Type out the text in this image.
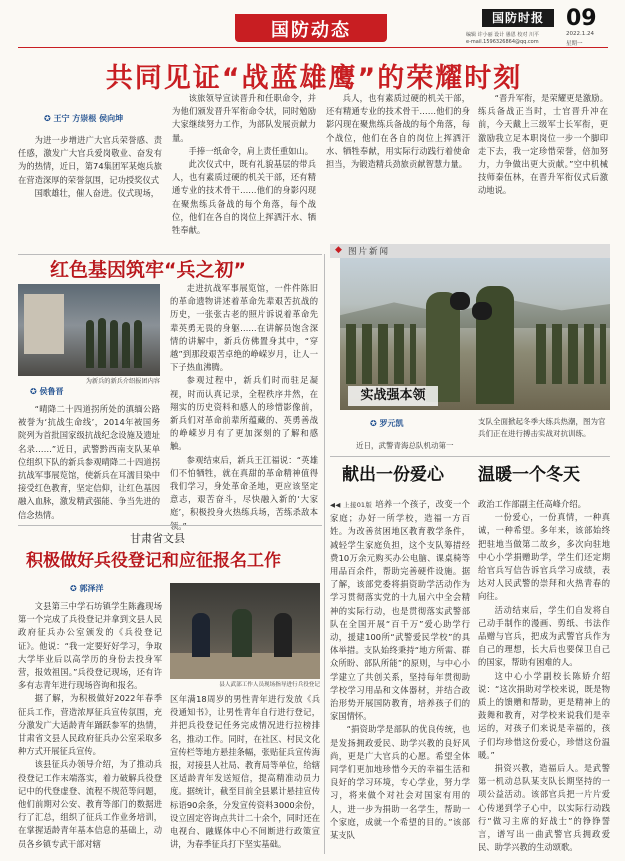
国防动态
国防时报
编辑 许小丽 设计 愚恩 校对 川平
e-mail.1596326864@qq.com
09
2022.1.24
星期一
共同见证“战蓝雄鹰”的荣耀时刻
✪ 王宁 方崇根 侯向坤

为进一步增进广大官兵荣誉感、责任感，激发广大官兵爱岗敬业、奋发有为的热情，近日，第74集团军某炮兵旅在营造深厚的荣誉氛围，记功授奖仪式

国歌雄壮，催人奋进。仪式现场，

该旅领导宣读晋升和任职命令，并为他们颁发晋升军衔命令状，同时勉励大家继续努力工作，为部队发展贡献力量。

手捧一纸命令，肩上责任重如山。

此次仪式中，既有礼貌基层的带兵人，也有素质过硬的机关干部，还有精通专业的技术骨干……他们的身影闪现在聚焦练兵备战的每个角落，每个战位，他们在各自的岗位上挥洒汗水、牺牲奉献。

兵人，也有素质过硬的机关干部，还有精通专业的技术骨干……他们的身影闪现在聚焦练兵备战的每个角落，每个战位，他们在各自的岗位上挥洒汗水、牺牲奉献，用实际行动践行着使命担当，为锻造精兵劲旅贡献智慧力量。

“晋升军衔，是荣耀更是激励。练兵备战正当时，士官晋升冲在前，今天戴上三级军士长军衔，更激励我立足本职岗位一步一个脚印走下去，我一定珍惜荣誉，倍加努力，力争做出更大贡献。”空中机械技师秦伍林，在晋升军衔仪式后激动地说。

红色基因筑牢“兵之初”
为新兵的新兵介绍报团内容
✪ 侯鲁晋

“晴降二十四道拐所处的滇缅公路被誉为‘抗战生命线’，2014年被国务院列为首批国家级抗战纪念设施及遗址名录……”近日，武警黔西南支队某单位组织下队的新兵参观晴降二十四道拐抗战军事展览馆，使新兵在耳濡目染中接受红色教育，坚定信仰，让红色基因融入血脉，激发精武强能、争当先进的信念热情。

走进抗战军事展览馆，一件件陈旧的革命遗物讲述着革命先辈艰苦抗战的历史，一张张古老的照片诉说着革命先辈英勇无畏的身躯……在讲解员饱含深情的讲解中，新兵仿佛置身其中，“穿越”到那段艰苦卓绝的峥嵘岁月，让人一下子热血沸腾。

参观过程中，新兵们时而驻足凝视，时而认真记录，全程秩序井然，在翔实的历史资料和感人的珍惜影像前，新兵们对革命前辈所蕴藏的、英勇善战的峥嵘岁月有了更加深刻的了解和感触。

参观结束后，新兵王江福说：“英雄们不怕牺牲，就在真甜的革命精神值得我们学习，身处革命圣地，更应该坚定意志，艰苦奋斗，尽快融入新的‘大家庭’，积极投身火热练兵场，苦练杀敌本

甘肃省文县
积极做好兵役登记和应征报名工作
✪ 郭泽洋

文县第三中学石坊镇学生陈鑫现场第一个完成了兵役登记并拿到文县人民政府征兵办公室颁发的《兵役登记证》。他说：“我一定要好好学习，争取大学毕业后以高学历的身份去投身军营，报效祖国。”兵役登记现场，还有许多有志青年进行现场咨询和报名。

据了解，为积极做好2022年春季征兵工作，营造浓厚征兵宣传氛围，充分激发广大适龄青年踊跃参军的热情，甘肃省文县人民政府征兵办公室采取多种方式开展征兵宣传。

该县征兵办领导介绍，为了推动兵役登记工作末端落实，着力破解兵役登记中的代登虚登、流程不规范等问题，他们前期对公安、教育等部门的数据进行了汇总，组织了征兵工作业务培训，在掌握适龄青年基本信息的基础上，动员各乡镇专武干部对辖

县人武部工作人员现场指导进行兵役登记

区年满18周岁的男性青年进行发放《兵役通知书》，让男性青年自行进行登记，并把兵役登记任务完成情况进行拉榜排名，推动工作。同时，在社区、村民文化宣传栏等地方悬挂条幅，张贴征兵宣传海报，对接县人社局、教育局等单位，给辖区适龄青年发送短信，提高精准动员力度。据统计，截至目前全县累计悬挂宣传标语90余条，分发宣传资料3000余份，设立固定咨询点共计二十余个，同时还在电视台、融媒体中心不间断进行政策宣讲，为春季征兵打下坚实基础。

◆ 图片新闻
实战强本领
✪ 罗元凯
近日，武警青海总队机动第一
支队全面掀起冬季大练兵热潮，图为官兵们正在进行搏击实战对抗训练。
献出一份爱心 温暖一个冬天

◀◀ 上接01版 培养一个孩子，改变一个家庭；办好一所学校，造福一方百姓。为改善贫困地区教育教学条件，减轻学生家庭负担，这个支队筹措经费10万余元购买办公电脑、课桌椅等用品百余件，帮助完善硬件设施。据了解，该部党委将捐资助学活动作为学习贯彻落实党的十九届六中全会精神的实际行动，也是贯彻落实武警部队在全国开展“百千万”爱心助学行动，援建100所“武警爱民学校”的具体举措。支队始终秉持“地方所需、群众所盼、部队所能”的原则，与中心小学建立了共创关系，坚持每年贯彻助学校学习用品和文体器材，并结合政治形势开展国防教育，培养孩子们的家国情怀。

“捐资助学是部队的优良传统，也是发扬拥政爱民、助学兴教的良好风尚，更是广大官兵的心愿。希望全体同学们更加地珍惜今天的幸福生活和良好的学习环境，专心学业，努力学习，将来做个对社会对国家有用的人，进一步为捐助一名学生，帮助一个家庭，成就一个希望的目的。”该部某支队

政治工作部副主任高峰介绍。

一份爱心，一份真情，一种真诚，一种希望。多年来，该部始终把驻地当做第二故乡，多次向驻地中心小学捐赠助学，学生们还定期给官兵写信告诉官兵学习成绩，表达对人民武警的崇拜和火热青春的向往。

活动结束后，学生们自发将自己动手制作的漫画、剪纸、书法作品赠与官兵，把成为武警官兵作为自己的理想，长大后也要保卫自己的国家，帮助有困难的人。

这中心小学副校长陈娇介绍说：“这次捐助对学校来说，既是物质上的馈赠和帮助，更是精神上的鼓舞和教育，对学校来说我们是幸运的，对孩子们来说是幸福的，孩子们均珍惜这份爱心，珍惜这份温暖。”

捐资兴教，造福后人。是武警第一机动总队某支队长期坚持的一项公益活动。该部官兵把一片片爱心传递到学子心中，以实际行动践行“做习主席的好战士”的铮铮誓言，谱写出一曲武警官兵拥政爱民、助学兴教的生动颂歌。
